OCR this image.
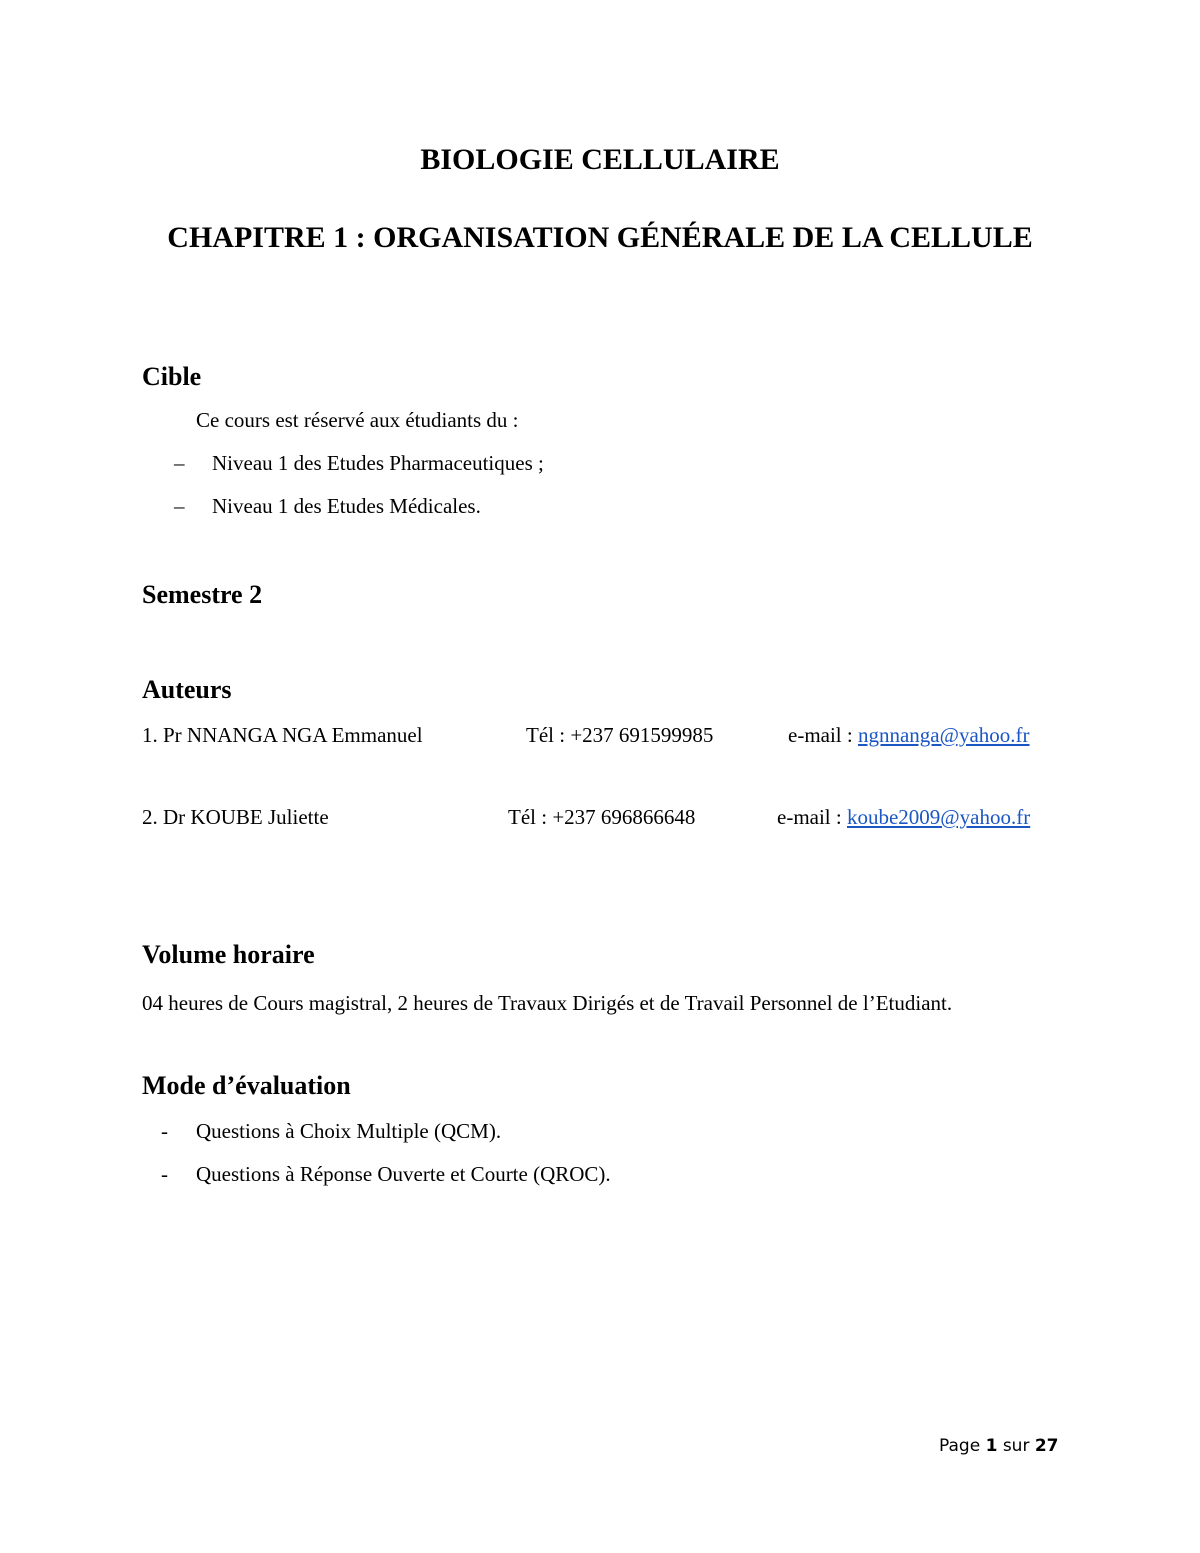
BIOLOGIE CELLULAIRE
CHAPITRE 1 : ORGANISATION GÉNÉRALE DE LA CELLULE
Cible
Ce cours est réservé aux étudiants du :
– Niveau 1 des Etudes Pharmaceutiques ;
– Niveau 1 des Etudes Médicales.
Semestre 2
Auteurs
1. Pr NNANGA NGA Emmanuel	Tél : +237 691599985	e-mail : ngnnanga@yahoo.fr
2. Dr KOUBE Juliette	Tél : +237 696866648	e-mail : koube2009@yahoo.fr
Volume horaire
04 heures de Cours magistral, 2 heures de Travaux Dirigés et de Travail Personnel de l’Etudiant.
Mode d’évaluation
- Questions à Choix Multiple (QCM).
- Questions à Réponse Ouverte et Courte (QROC).
Page 1 sur 27
